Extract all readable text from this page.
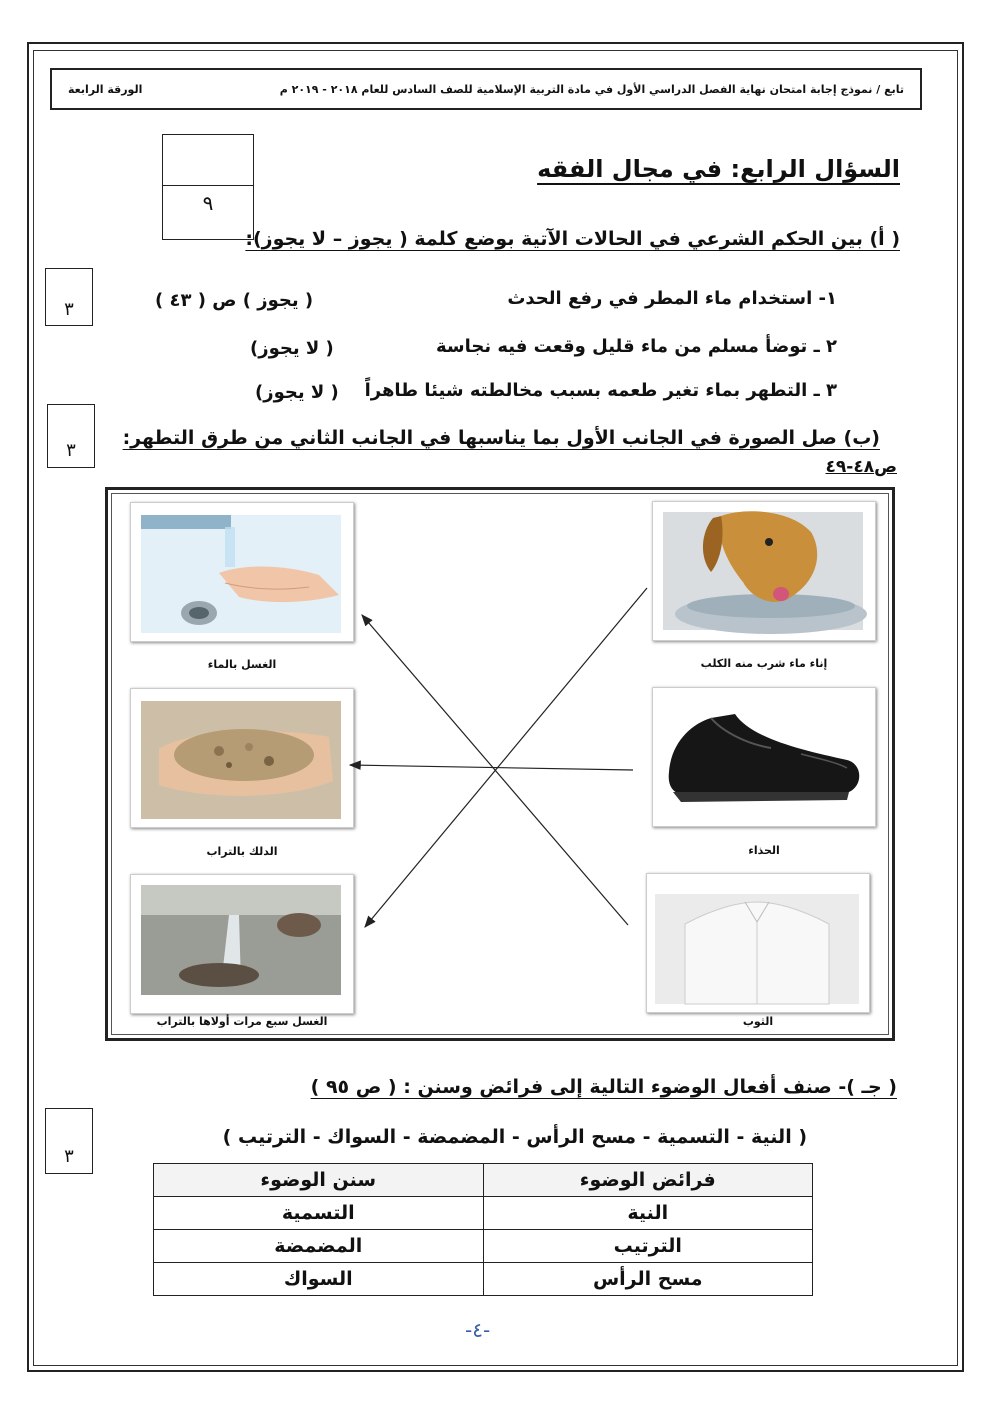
تابع / نموذج إجابة امتحان نهاية الفصل الدراسي الأول في مادة التربية الإسلامية للصف السادس للعام ٢٠١٨ - ٢٠١٩ م
الورقة الرابعة
٩
السؤال الرابع: في مجال الفقه
( أ) بين الحكم الشرعي في الحالات الآتية بوضع كلمة ( يجوز – لا يجوز):
٣	١- استخدام ماء المطر في رفع الحدث
( يجوز ) ص ( ٤٣ )
٢ ـ توضأ مسلم من ماء قليل وقعت فيه نجاسة
( لا يجوز)
٣ ـ التطهر بماء تغير طعمه بسبب مخالطته شيئا طاهراً
( لا يجوز)
٣
(ب) صل الصورة في الجانب الأول بما يناسبها في الجانب الثاني من طرق التطهر:
ص٤٨-٤٩
إناء ماء شرب منه الكلب
الحذاء
الثوب
الغسل بالماء
الدلك بالتراب
الغسل سبع مرات أولاها بالتراب
( جـ )- صنف أفعال الوضوء التالية إلى فرائض وسنن : ( ص ٩٥ )
٣
( النية - التسمية - مسح الرأس - المضمضة - السواك - الترتيب )
فرائض الوضوء	سنن الوضوء
النية	التسمية
الترتيب	المضمضة
مسح الرأس	السواك
-٤-
